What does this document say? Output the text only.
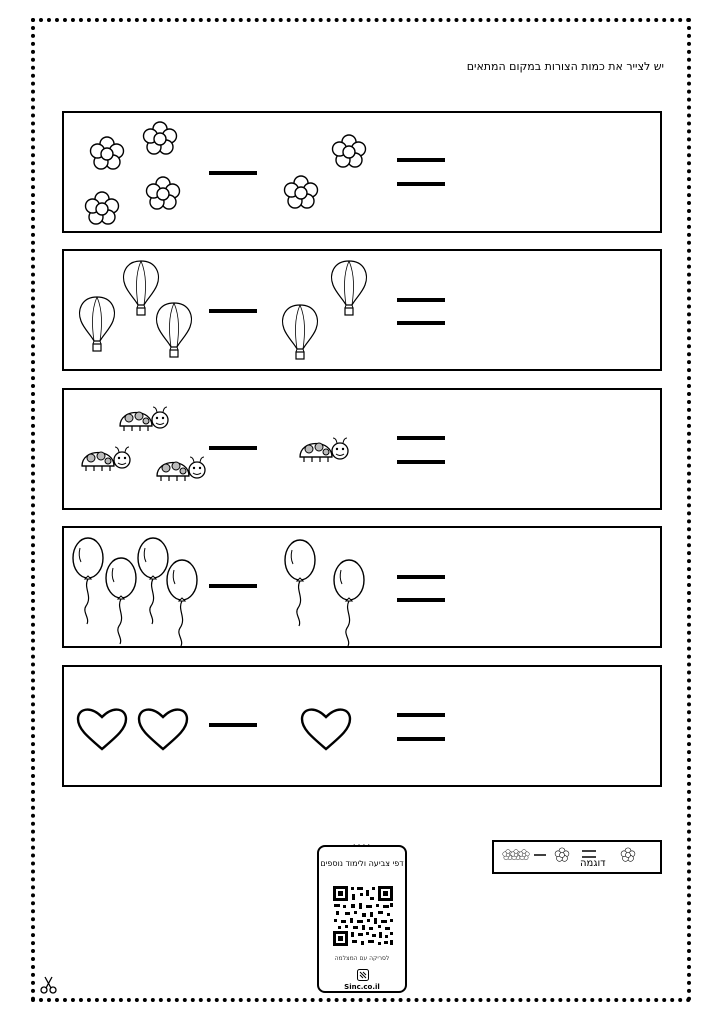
יש לצייר את כמות הצורות במקום המתאים
דוגמה
....
דפי צביעה ולימוד נוספים
לסריקה עם המצלמה
Sinc.co.il
